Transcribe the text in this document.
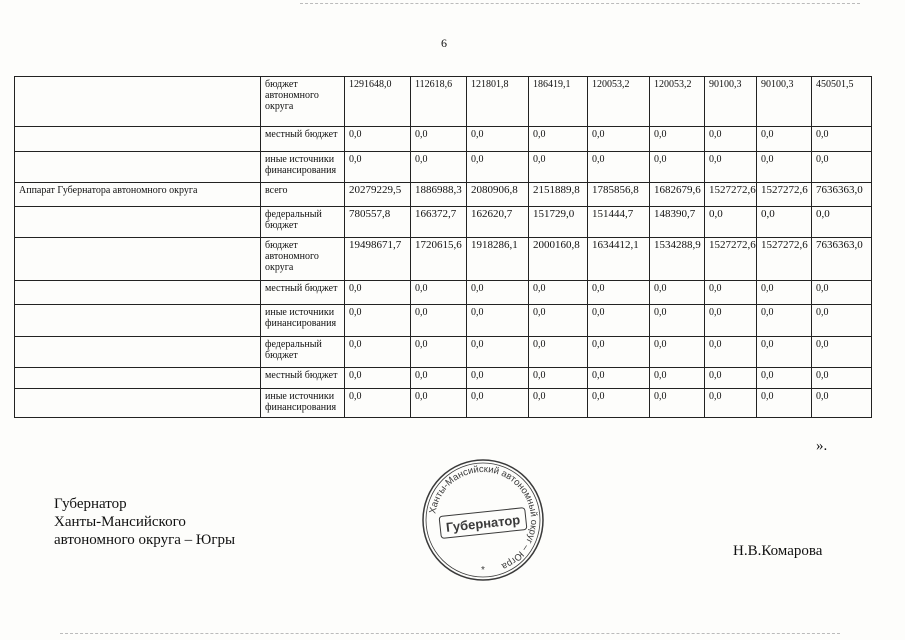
6
	бюджет автономного округа	1291648,0	112618,6	121801,8	186419,1	120053,2	120053,2	90100,3	90100,3	450501,5
	местный бюджет	0,0	0,0	0,0	0,0	0,0	0,0	0,0	0,0	0,0
	иные источники финансирования	0,0	0,0	0,0	0,0	0,0	0,0	0,0	0,0	0,0
Аппарат Губернатора автономного округа	всего	20279229,5	1886988,3	2080906,8	2151889,8	1785856,8	1682679,6	1527272,6	1527272,6	7636363,0
	федеральный бюджет	780557,8	166372,7	162620,7	151729,0	151444,7	148390,7	0,0	0,0	0,0
	бюджет автономного округа	19498671,7	1720615,6	1918286,1	2000160,8	1634412,1	1534288,9	1527272,6	1527272,6	7636363,0
	местный бюджет	0,0	0,0	0,0	0,0	0,0	0,0	0,0	0,0	0,0
	иные источники финансирования	0,0	0,0	0,0	0,0	0,0	0,0	0,0	0,0	0,0
	федеральный бюджет	0,0	0,0	0,0	0,0	0,0	0,0	0,0	0,0	0,0
	местный бюджет	0,0	0,0	0,0	0,0	0,0	0,0	0,0	0,0	0,0
	иные источники финансирования	0,0	0,0	0,0	0,0	0,0	0,0	0,0	0,0	0,0
».
Губернатор
Ханты-Мансийского
автономного округа – Югры
Н.В.Комарова
Ханты-Мансийский автономный округ – Югра
Губернатор
*
